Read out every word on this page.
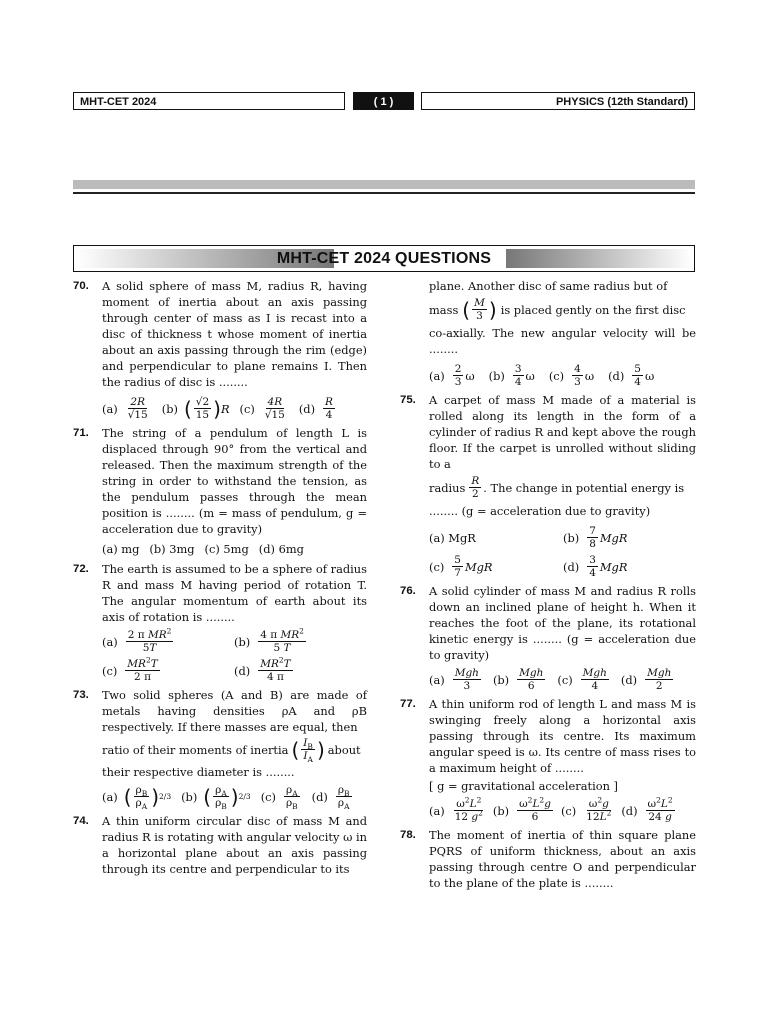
MHT-CET 2024	( 1 )	PHYSICS (12th Standard)
MHT-CET 2024 QUESTIONS
70. A solid sphere of mass M, radius R, having moment of inertia about an axis passing through center of mass as I is recast into a disc of thickness t whose moment of inertia about an axis passing through the rim (edge) and perpendicular to plane remains I. Then the radius of disc is ........
(a) 2R
√15 (b) ( √2
15 ) R (c) 4R
√15 (d) R
4
71. The string of a pendulum of length L is displaced through 90° from the vertical and released. Then the maximum strength of the string in order to withstand the tension, as the pendulum passes through the mean position is ........ (m = mass of pendulum, g = acceleration due to gravity)
(a) mg (b) 3mg (c) 5mg (d) 6mg
72. The earth is assumed to be a sphere of radius R and mass M having period of rotation T. The angular momentum of earth about its axis of rotation is ........
(a) 2 π $MR^2$
5T	(b) 4 π $MR^2$
5 T
(c) $MR^2T$
2 π	(d) $MR^2T$
4 π
73. Two solid spheres (A and B) are made of metals having densities ρA and ρB respectively. If there masses are equal, then
ratio of their moments of inertia ( $I_B$
$I_A$ ) about
their respective diameter is ........
(a) ( $\rho_B$
$\rho_A$ ) 2/3 (b) ( $\rho_A$
$\rho_B$ ) 2/3 (c) $\rho_A$
$\rho_B$
(d) $\rho_B$
$\rho_A$
74. A thin uniform circular disc of mass M and radius R is rotating with angular velocity ω in a horizontal plane about an axis passing through its centre and perpendicular to its
plane. Another disc of same radius but of
mass ( M
3 ) is placed gently on the first disc
co-axially. The new angular velocity will be ........
(a) 2
3 ω (b) 3
4 ω (c) 4
3 ω (d) 5
4 ω
75. A carpet of mass M made of a material is rolled along its length in the form of a cylinder of radius R and kept above the rough floor. If the carpet is unrolled without sliding to a
radius R
2 . The change in potential energy is
........ (g = acceleration due to gravity)
(a) MgR	(b) 7
8 MgR
(c) 5
7 MgR	(d) 3
4 MgR
76. A solid cylinder of mass M and radius R rolls down an inclined plane of height h. When it reaches the foot of the plane, its rotational kinetic energy is ........ (g = acceleration due to gravity)
(a) Mgh
3 (b) Mgh
6 (c) Mgh
4 (d) Mgh
2
77. A thin uniform rod of length L and mass M is swinging freely along a horizontal axis passing through its centre. Its maximum angular speed is ω. Its centre of mass rises to a maximum height of ........
[ g = gravitational acceleration ]
(a) $\omega^2L^2$
12 $g^2$ (b) $\omega^2L^2g$
6 (c) $\omega^2g$
$12L^2$ (d) $\omega^2L^2$
24 g
78. The moment of inertia of thin square plane PQRS of uniform thickness, about an axis passing through centre O and perpendicular to the plane of the plate is ........
